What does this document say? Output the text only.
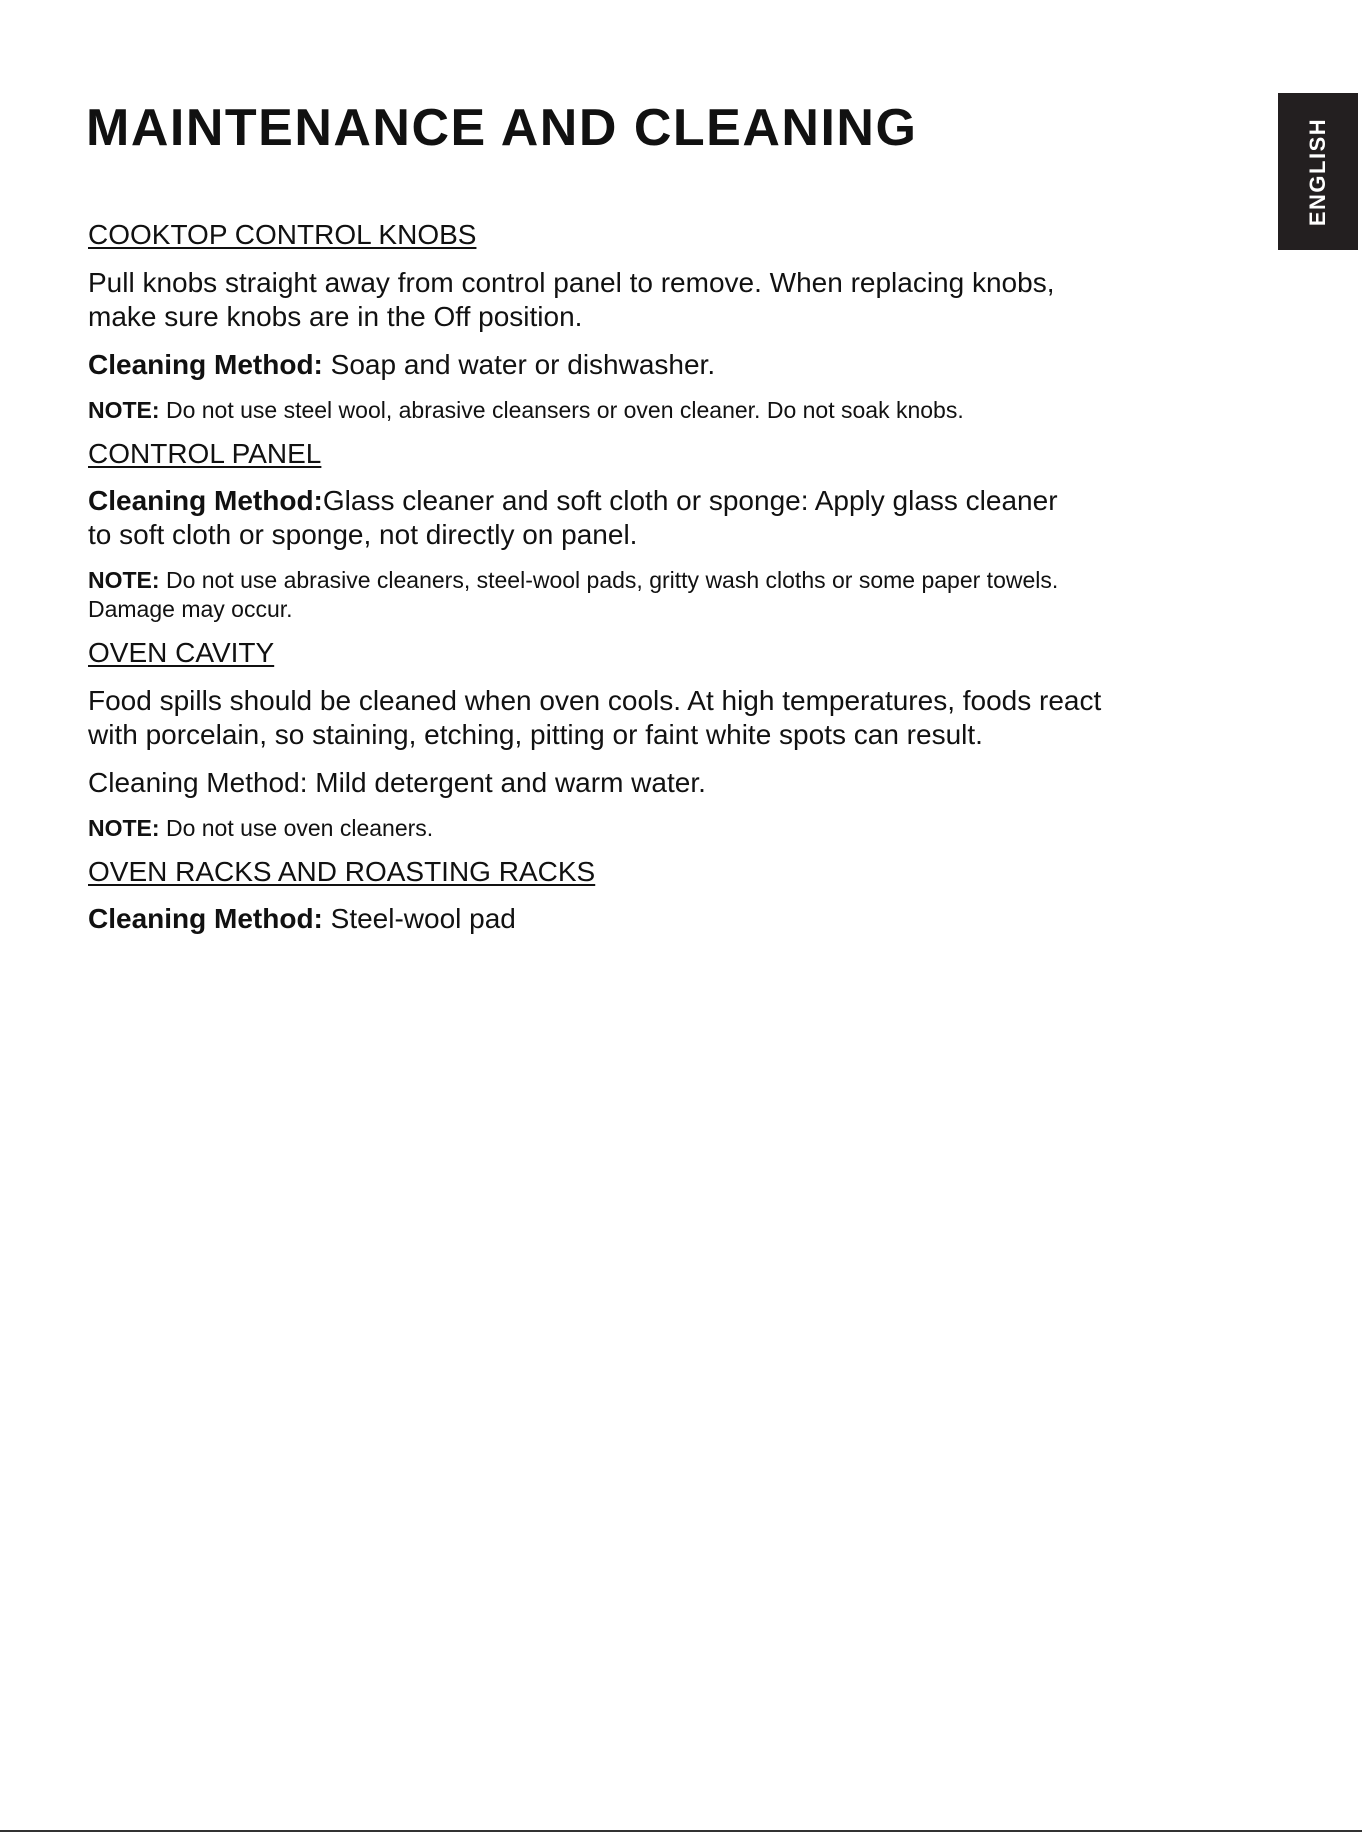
MAINTENANCE AND CLEANING	ENGLISH
COOKTOP CONTROL KNOBS

Pull knobs straight away from control panel to remove. When replacing knobs, make sure knobs are in the Off position.

Cleaning Method: Soap and water or dishwasher.

NOTE: Do not use steel wool, abrasive cleansers or oven cleaner. Do not soak knobs.

CONTROL PANEL

Cleaning Method:Glass cleaner and soft cloth or sponge: Apply glass cleaner to soft cloth or sponge, not directly on panel.

NOTE: Do not use abrasive cleaners, steel-wool pads, gritty wash cloths or some paper towels. Damage may occur.

OVEN CAVITY

Food spills should be cleaned when oven cools. At high temperatures, foods react with porcelain, so staining, etching, pitting or faint white spots can result.

Cleaning Method: Mild detergent and warm water.

NOTE: Do not use oven cleaners.

OVEN RACKS AND ROASTING RACKS

Cleaning Method: Steel-wool pad
